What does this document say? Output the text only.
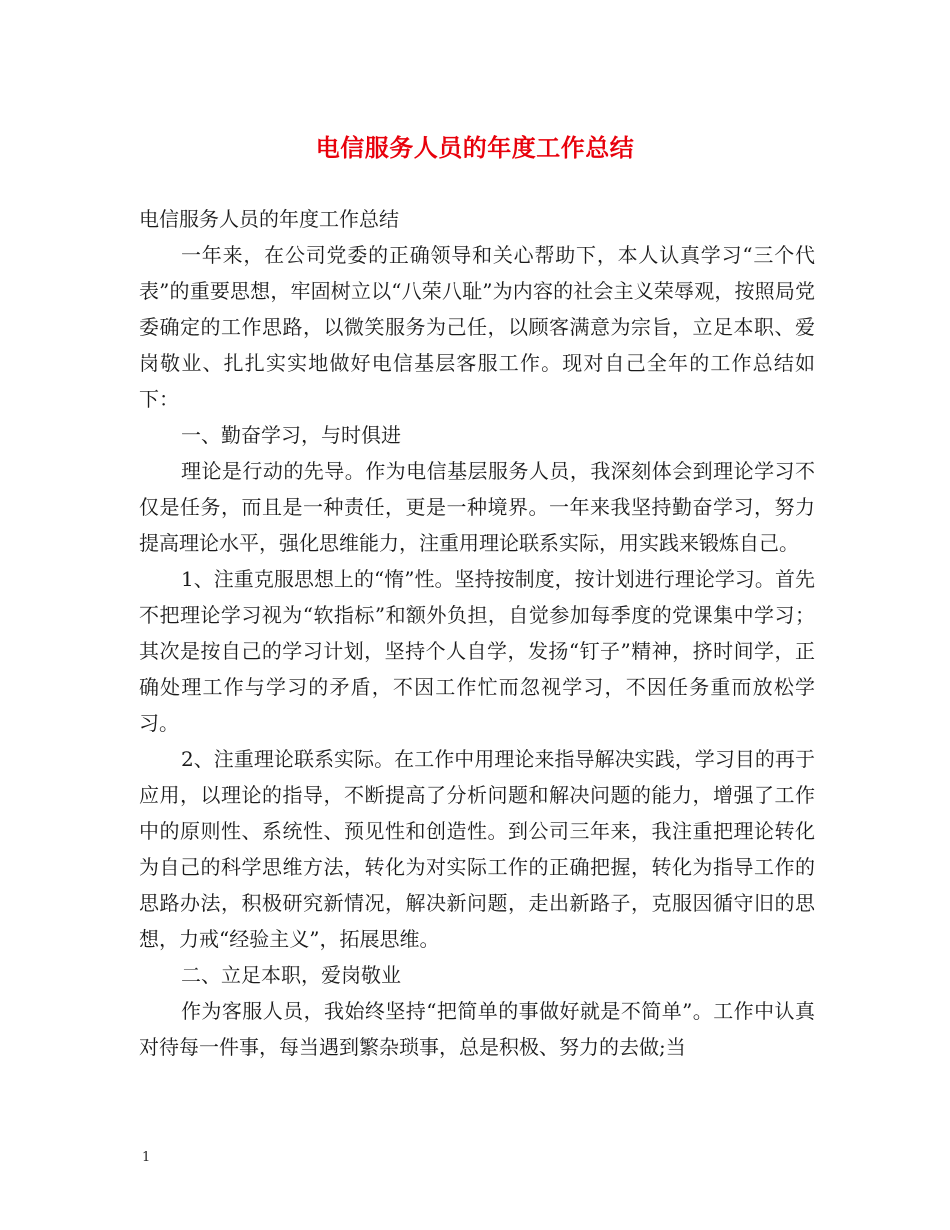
电信服务人员的年度工作总结

电信服务人员的年度工作总结

一年来，在公司党委的正确领导和关心帮助下，本人认真学习“三个代表”的重要思想，牢固树立以“八荣八耻”为内容的社会主义荣辱观，按照局党委确定的工作思路，以微笑服务为己任，以顾客满意为宗旨，立足本职、爱岗敬业、扎扎实实地做好电信基层客服工作。现对自己全年的工作总结如下：

一、勤奋学习，与时俱进

理论是行动的先导。作为电信基层服务人员，我深刻体会到理论学习不仅是任务，而且是一种责任，更是一种境界。一年来我坚持勤奋学习，努力提高理论水平，强化思维能力，注重用理论联系实际，用实践来锻炼自己。

1、注重克服思想上的“惰”性。坚持按制度，按计划进行理论学习。首先不把理论学习视为“软指标”和额外负担，自觉参加每季度的党课集中学习；其次是按自己的学习计划，坚持个人自学，发扬“钉子”精神，挤时间学，正确处理工作与学习的矛盾，不因工作忙而忽视学习，不因任务重而放松学习。

2、注重理论联系实际。在工作中用理论来指导解决实践，学习目的再于应用，以理论的指导，不断提高了分析问题和解决问题的能力，增强了工作中的原则性、系统性、预见性和创造性。到公司三年来，我注重把理论转化为自己的科学思维方法，转化为对实际工作的正确把握，转化为指导工作的思路办法，积极研究新情况，解决新问题，走出新路子，克服因循守旧的思想，力戒“经验主义”，拓展思维。

二、立足本职，爱岗敬业

作为客服人员，我始终坚持“把简单的事做好就是不简单”。工作中认真对待每一件事，每当遇到繁杂琐事，总是积极、努力的去做;当

1
